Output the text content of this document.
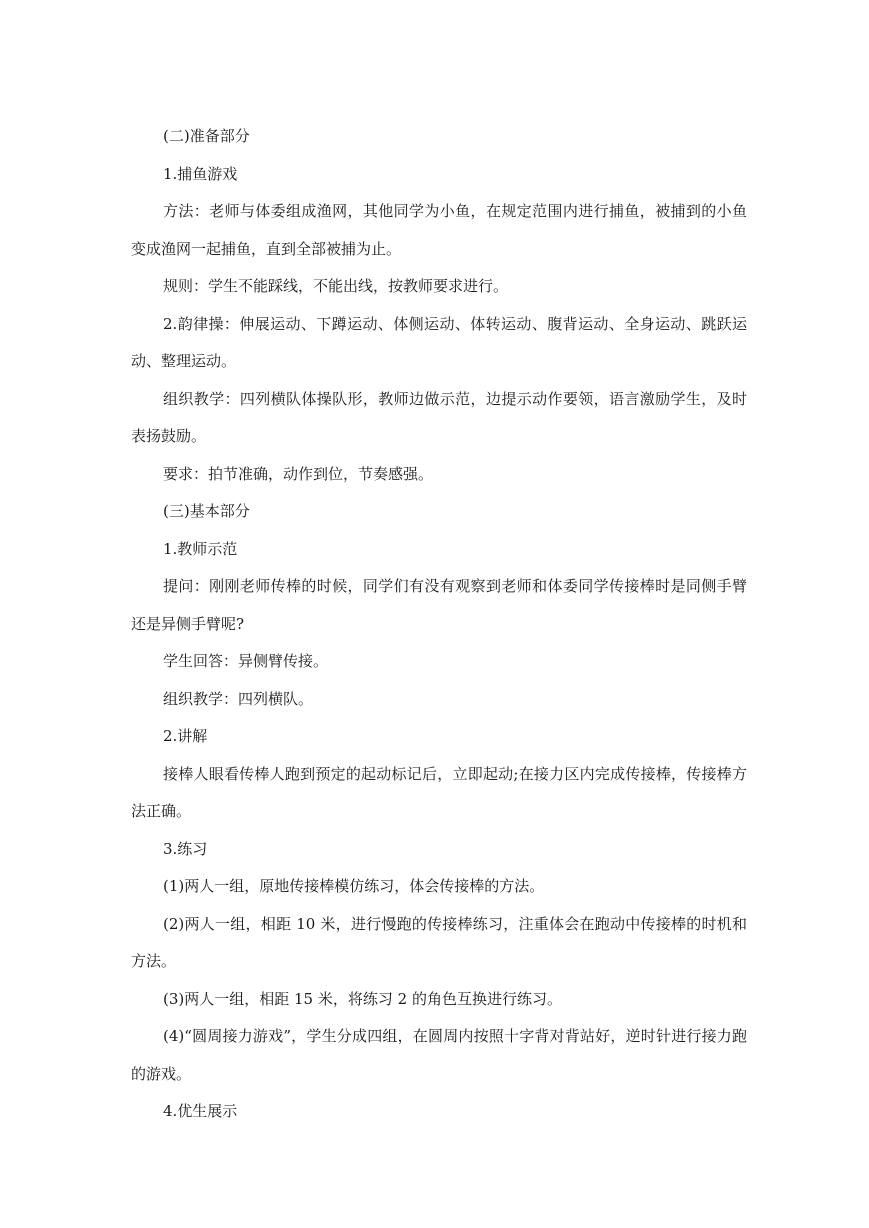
(二)准备部分

1.捕鱼游戏

方法：老师与体委组成渔网，其他同学为小鱼，在规定范围内进行捕鱼，被捕到的小鱼变成渔网一起捕鱼，直到全部被捕为止。

规则：学生不能踩线，不能出线，按教师要求进行。

2.韵律操：伸展运动、下蹲运动、体侧运动、体转运动、腹背运动、全身运动、跳跃运动、整理运动。

组织教学：四列横队体操队形，教师边做示范，边提示动作要领，语言激励学生，及时表扬鼓励。

要求：拍节准确，动作到位，节奏感强。

(三)基本部分

1.教师示范

提问：刚刚老师传棒的时候，同学们有没有观察到老师和体委同学传接棒时是同侧手臂还是异侧手臂呢?

学生回答：异侧臂传接。

组织教学：四列横队。

2.讲解

接棒人眼看传棒人跑到预定的起动标记后，立即起动;在接力区内完成传接棒，传接棒方法正确。

3.练习

(1)两人一组，原地传接棒模仿练习，体会传接棒的方法。

(2)两人一组，相距 10 米，进行慢跑的传接棒练习，注重体会在跑动中传接棒的时机和方法。

(3)两人一组，相距 15 米，将练习 2 的角色互换进行练习。

(4)“圆周接力游戏”，学生分成四组，在圆周内按照十字背对背站好，逆时针进行接力跑的游戏。

4.优生展示
